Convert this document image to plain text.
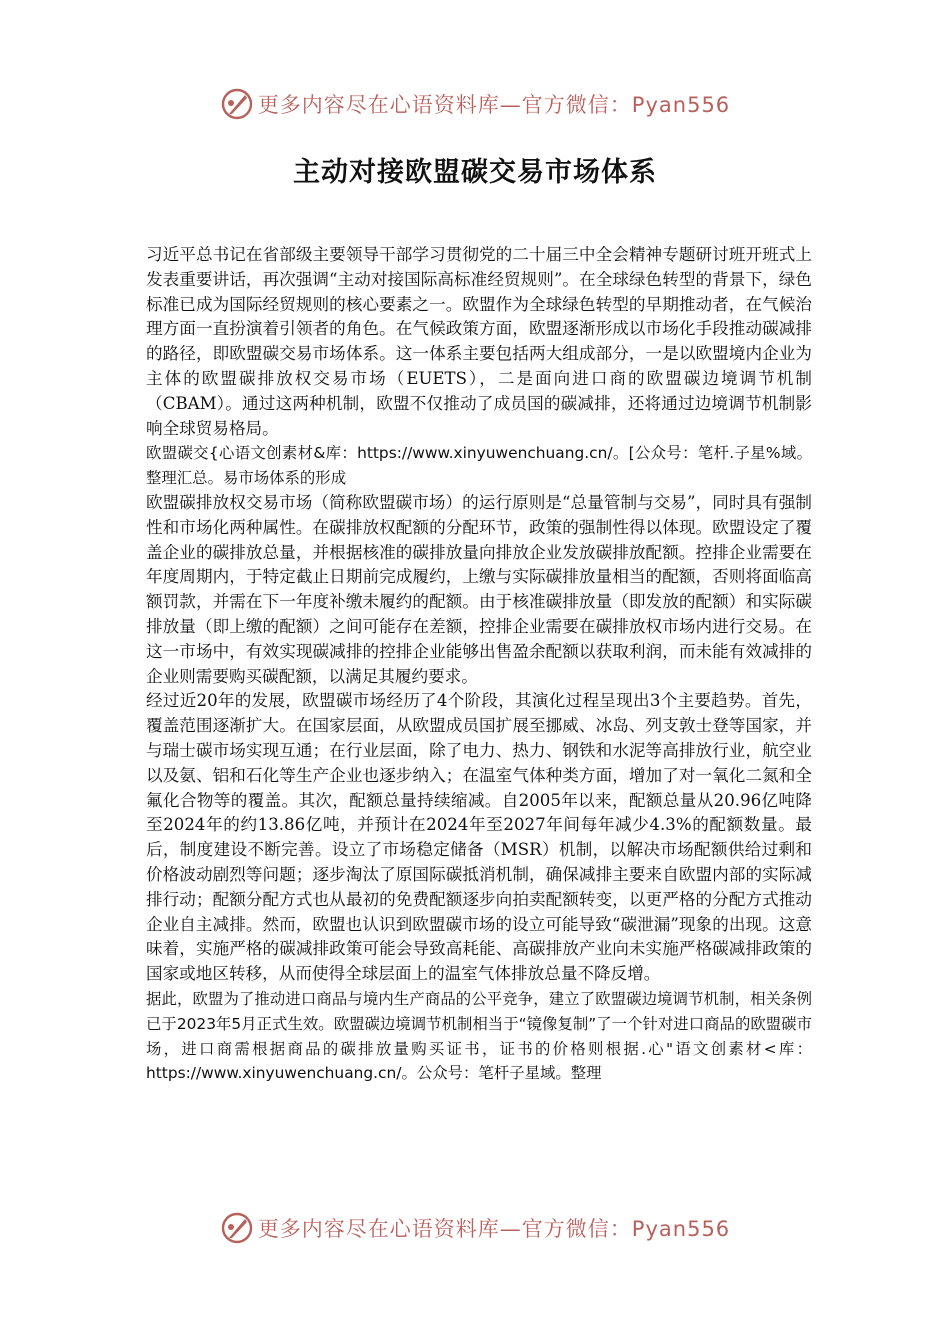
更多内容尽在心语资料库—官方微信：Pyan556
主动对接欧盟碳交易市场体系

习近平总书记在省部级主要领导干部学习贯彻党的二十届三中全会精神专题研讨班开班式上发表重要讲话，再次强调“主动对接国际高标准经贸规则”。在全球绿色转型的背景下，绿色标准已成为国际经贸规则的核心要素之一。欧盟作为全球绿色转型的早期推动者，在气候治理方面一直扮演着引领者的角色。在气候政策方面，欧盟逐渐形成以市场化手段推动碳减排的路径，即欧盟碳交易市场体系。这一体系主要包括两大组成部分，一是以欧盟境内企业为主体的欧盟碳排放权交易市场（EUETS），二是面向进口商的欧盟碳边境调节机制（CBAM）。通过这两种机制，欧盟不仅推动了成员国的碳减排，还将通过边境调节机制影响全球贸易格局。

欧盟碳交{心语文创素材&库：https://www.xinyuwenchuang.cn/。[公众号：笔杆.子星%域。整理汇总。易市场体系的形成

欧盟碳排放权交易市场（简称欧盟碳市场）的运行原则是“总量管制与交易”，同时具有强制性和市场化两种属性。在碳排放权配额的分配环节，政策的强制性得以体现。欧盟设定了覆盖企业的碳排放总量，并根据核准的碳排放量向排放企业发放碳排放配额。控排企业需要在年度周期内，于特定截止日期前完成履约，上缴与实际碳排放量相当的配额，否则将面临高额罚款，并需在下一年度补缴未履约的配额。由于核准碳排放量（即发放的配额）和实际碳排放量（即上缴的配额）之间可能存在差额，控排企业需要在碳排放权市场内进行交易。在这一市场中，有效实现碳减排的控排企业能够出售盈余配额以获取利润，而未能有效减排的企业则需要购买碳配额，以满足其履约要求。

经过近20年的发展，欧盟碳市场经历了4个阶段，其演化过程呈现出3个主要趋势。首先，覆盖范围逐渐扩大。在国家层面，从欧盟成员国扩展至挪威、冰岛、列支敦士登等国家，并与瑞士碳市场实现互通；在行业层面，除了电力、热力、钢铁和水泥等高排放行业，航空业以及氨、铝和石化等生产企业也逐步纳入；在温室气体种类方面，增加了对一氧化二氮和全氟化合物等的覆盖。其次，配额总量持续缩减。自2005年以来，配额总量从20.96亿吨降至2024年的约13.86亿吨，并预计在2024年至2027年间每年减少4.3%的配额数量。最后，制度建设不断完善。设立了市场稳定储备（MSR）机制，以解决市场配额供给过剩和价格波动剧烈等问题；逐步淘汰了原国际碳抵消机制，确保减排主要来自欧盟内部的实际减排行动；配额分配方式也从最初的免费配额逐步向拍卖配额转变，以更严格的分配方式推动企业自主减排。然而，欧盟也认识到欧盟碳市场的设立可能导致“碳泄漏”现象的出现。这意味着，实施严格的碳减排政策可能会导致高耗能、高碳排放产业向未实施严格碳减排政策的国家或地区转移，从而使得全球层面上的温室气体排放总量不降反增。

据此，欧盟为了推动进口商品与境内生产商品的公平竞争，建立了欧盟碳边境调节机制，相关条例已于2023年5月正式生效。欧盟碳边境调节机制相当于“镜像复制”了一个针对进口商品的欧盟碳市场，进口商需根据商品的碳排放量购买证书，证书的价格则根据.心"语文创素材<库：https://www.xinyuwenchuang.cn/。公众号：笔杆子星域。整理

更多内容尽在心语资料库—官方微信：Pyan556
